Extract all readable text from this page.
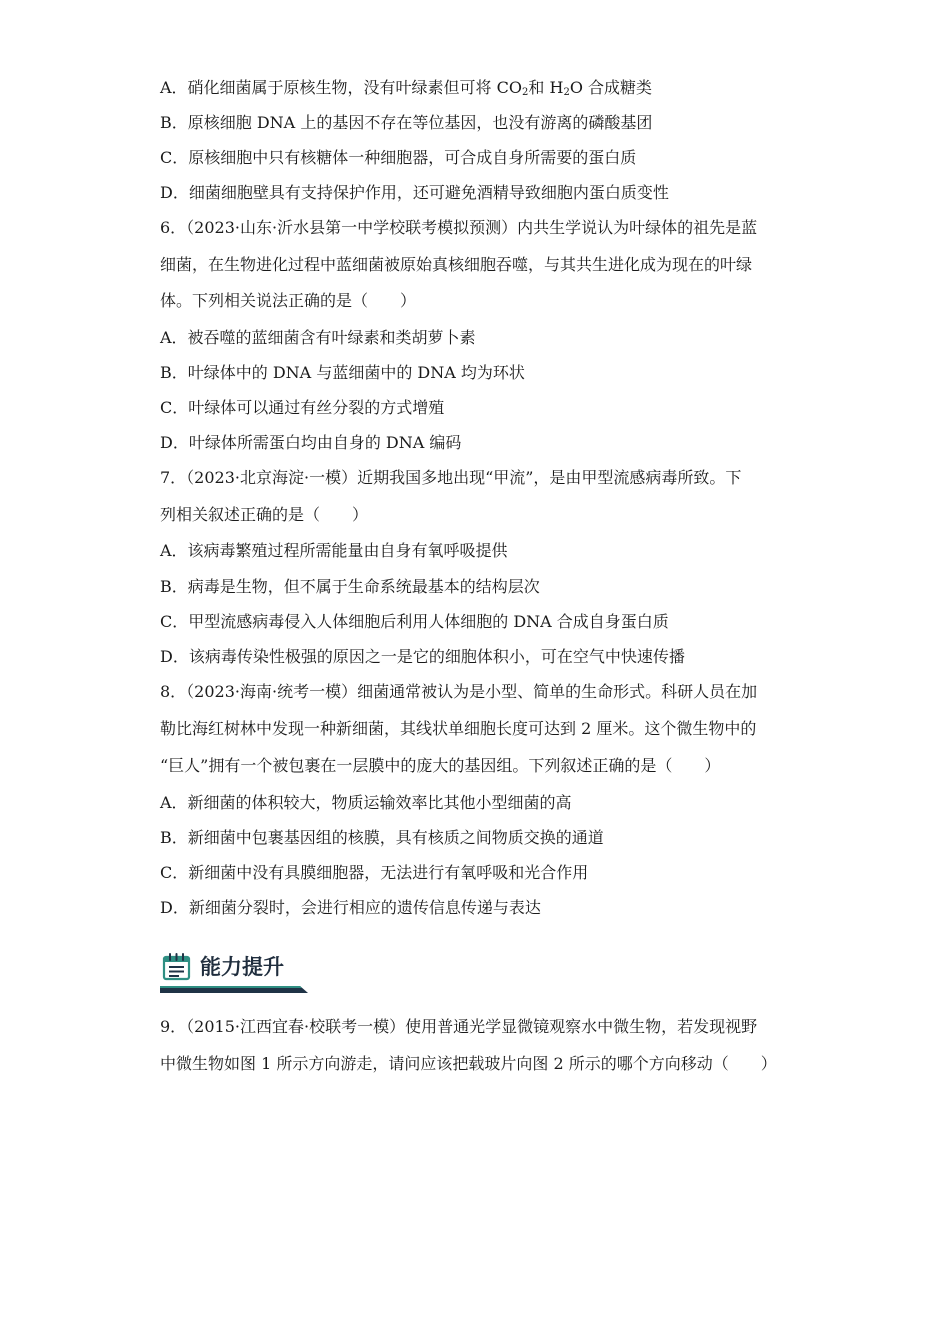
A．硝化细菌属于原核生物，没有叶绿素但可将 $CO_2$和 $H_2O$ 合成糖类
B．原核细胞 DNA 上的基因不存在等位基因，也没有游离的磷酸基团
C．原核细胞中只有核糖体一种细胞器，可合成自身所需要的蛋白质
D．细菌细胞壁具有支持保护作用，还可避免酒精导致细胞内蛋白质变性
6．（2023·山东·沂水县第一中学校联考模拟预测）内共生学说认为叶绿体的祖先是蓝
细菌，在生物进化过程中蓝细菌被原始真核细胞吞噬，与其共生进化成为现在的叶绿
体。下列相关说法正确的是（　　）
A．被吞噬的蓝细菌含有叶绿素和类胡萝卜素
B．叶绿体中的 DNA 与蓝细菌中的 DNA 均为环状
C．叶绿体可以通过有丝分裂的方式增殖
D．叶绿体所需蛋白均由自身的 DNA 编码
7．（2023·北京海淀·一模）近期我国多地出现“甲流”，是由甲型流感病毒所致。下
列相关叙述正确的是（　　）
A．该病毒繁殖过程所需能量由自身有氧呼吸提供
B．病毒是生物，但不属于生命系统最基本的结构层次
C．甲型流感病毒侵入人体细胞后利用人体细胞的 DNA 合成自身蛋白质
D．该病毒传染性极强的原因之一是它的细胞体积小，可在空气中快速传播
8．（2023·海南·统考一模）细菌通常被认为是小型、简单的生命形式。科研人员在加
勒比海红树林中发现一种新细菌，其线状单细胞长度可达到 2 厘米。这个微生物中的
“巨人”拥有一个被包裹在一层膜中的庞大的基因组。下列叙述正确的是（　　）
A．新细菌的体积较大，物质运输效率比其他小型细菌的高
B．新细菌中包裹基因组的核膜，具有核质之间物质交换的通道
C．新细菌中没有具膜细胞器，无法进行有氧呼吸和光合作用
D．新细菌分裂时，会进行相应的遗传信息传递与表达
能力提升
9．（2015·江西宜春·校联考一模）使用普通光学显微镜观察水中微生物，若发现视野
中微生物如图 1 所示方向游走，请问应该把载玻片向图 2 所示的哪个方向移动（　　）
